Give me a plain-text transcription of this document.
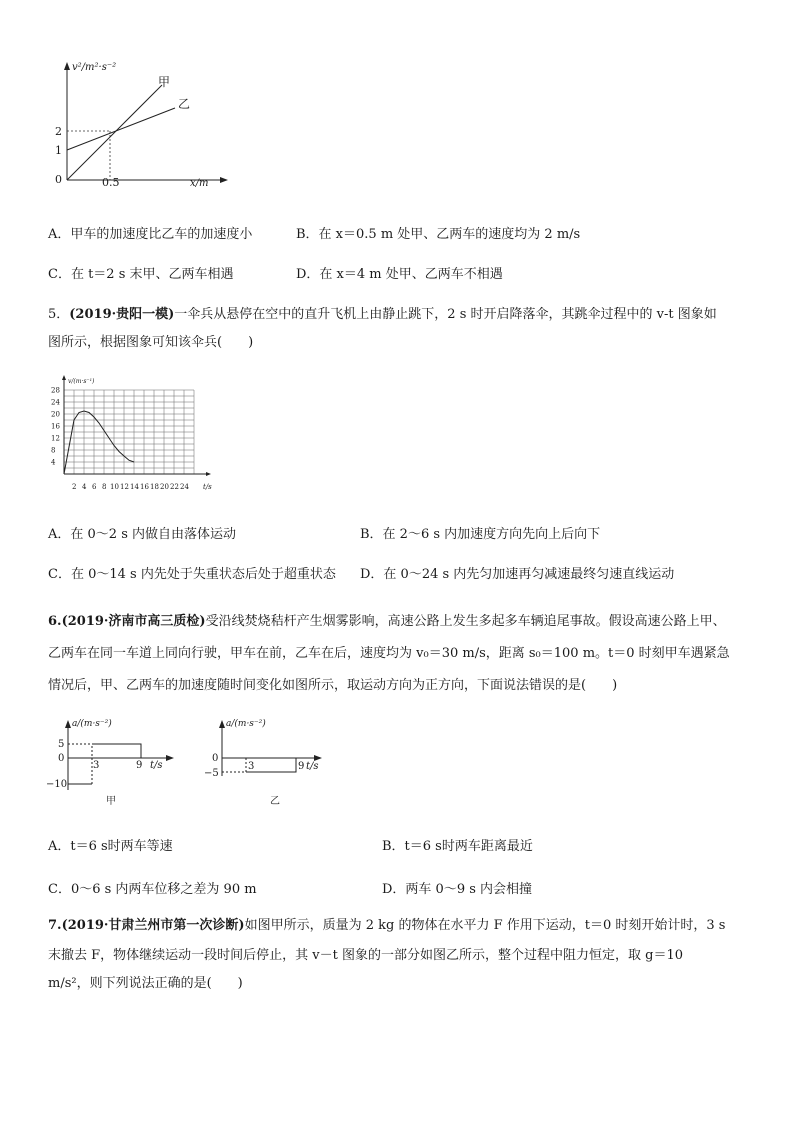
v²/m²·s⁻²
甲
乙
2
1
0	0.5	x/m
A．甲车的加速度比乙车的加速度小	B．在 x＝0.5 m 处甲、乙两车的速度均为 2 m/s
C．在 t＝2 s 末甲、乙两车相遇	D．在 x＝4 m 处甲、乙两车不相遇
5．(2019·贵阳一模)一伞兵从悬停在空中的直升飞机上由静止跳下，2 s 时开启降落伞，其跳伞过程中的 v-t 图象如
图所示，根据图象可知该伞兵(　　)
v/(m·s⁻¹)
4
8
12
16
20
24
28
2 4 6 8 10 12 14 16 18 20 22 24 t/s
A．在 0～2 s 内做自由落体运动	B．在 2～6 s 内加速度方向先向上后向下
C．在 0～14 s 内先处于失重状态后处于超重状态 D．在 0～24 s 内先匀加速再匀减速最终匀速直线运动
6.(2019·济南市高三质检)受沿线焚烧秸杆产生烟雾影响，高速公路上发生多起多车辆追尾事故。假设高速公路上甲、
乙两车在同一车道上同向行驶，甲车在前，乙车在后，速度均为 v₀＝30 m/s，距离 s₀＝100 m。t＝0 时刻甲车遇紧急
情况后，甲、乙两车的加速度随时间变化如图所示，取运动方向为正方向，下面说法错误的是(　　)
a/(m·s⁻²)
5
0
−10
3	9 t/s
甲
a/(m·s⁻²)
0
−5
3	9 t/s
乙
A．t＝6 s时两车等速	B．t＝6 s时两车距离最近
C．0～6 s 内两车位移之差为 90 m	D．两车 0～9 s 内会相撞
7.(2019·甘肃兰州市第一次诊断)如图甲所示，质量为 2 kg 的物体在水平力 F 作用下运动，t＝0 时刻开始计时，3 s
末撤去 F，物体继续运动一段时间后停止，其 v－t 图象的一部分如图乙所示，整个过程中阻力恒定，取 g＝10
m/s²，则下列说法正确的是(　　)
